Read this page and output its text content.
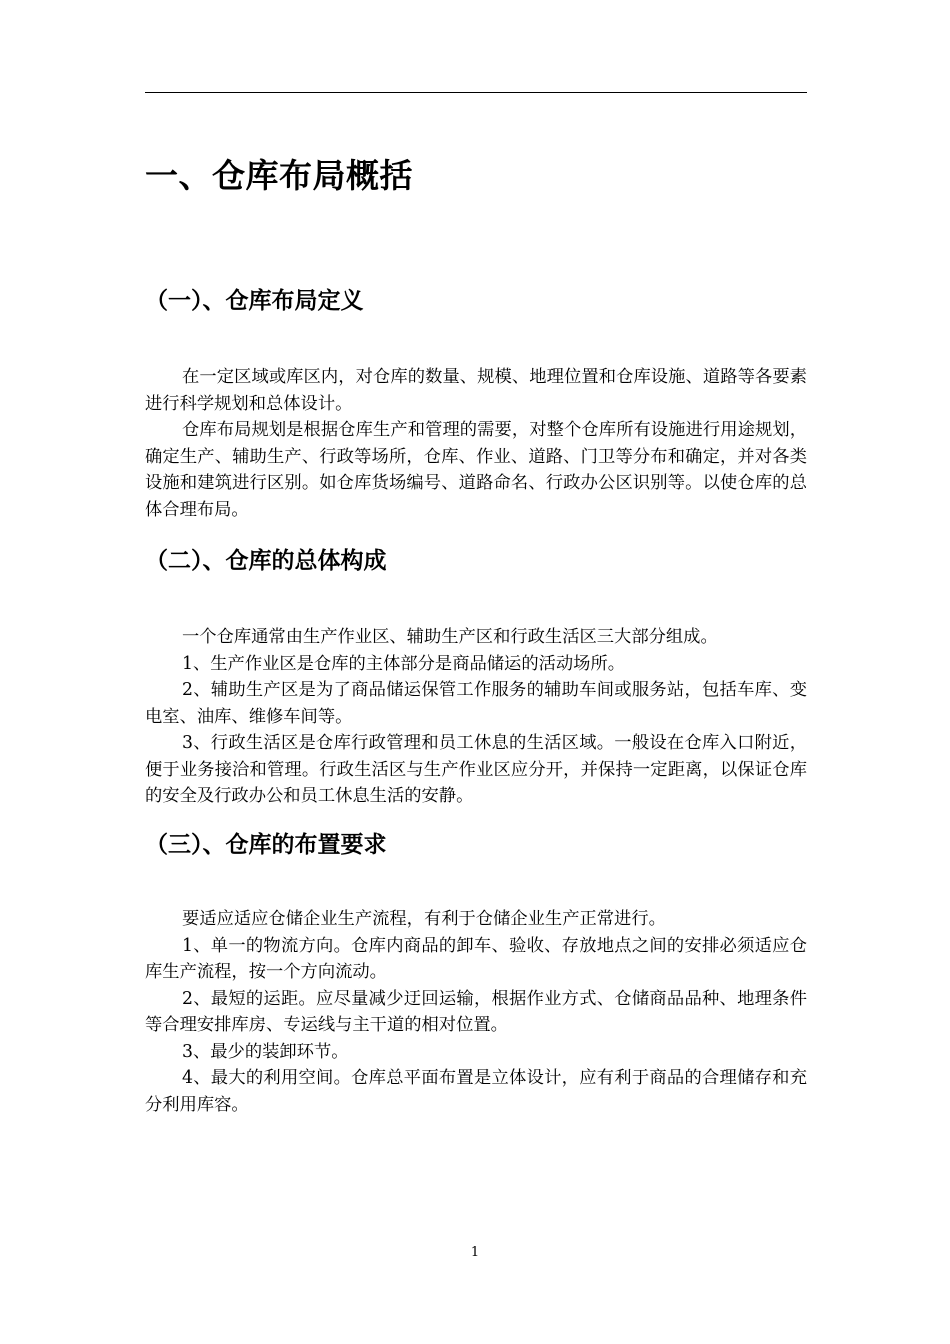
一、仓库布局概括
（一）、仓库布局定义

在一定区域或库区内，对仓库的数量、规模、地理位置和仓库设施、道路等各要素进行科学规划和总体设计。

仓库布局规划是根据仓库生产和管理的需要，对整个仓库所有设施进行用途规划，确定生产、辅助生产、行政等场所，仓库、作业、道路、门卫等分布和确定，并对各类设施和建筑进行区别。如仓库货场编号、道路命名、行政办公区识别等。以使仓库的总体合理布局。

（二）、仓库的总体构成

一个仓库通常由生产作业区、辅助生产区和行政生活区三大部分组成。

1、生产作业区是仓库的主体部分是商品储运的活动场所。

2、辅助生产区是为了商品储运保管工作服务的辅助车间或服务站，包括车库、变电室、油库、维修车间等。

3、行政生活区是仓库行政管理和员工休息的生活区域。一般设在仓库入口附近，便于业务接洽和管理。行政生活区与生产作业区应分开，并保持一定距离，以保证仓库的安全及行政办公和员工休息生活的安静。

（三）、仓库的布置要求

要适应适应仓储企业生产流程，有利于仓储企业生产正常进行。

1、单一的物流方向。仓库内商品的卸车、验收、存放地点之间的安排必须适应仓库生产流程，按一个方向流动。

2、最短的运距。应尽量减少迂回运输，根据作业方式、仓储商品品种、地理条件等合理安排库房、专运线与主干道的相对位置。

3、最少的装卸环节。

4、最大的利用空间。仓库总平面布置是立体设计，应有利于商品的合理储存和充分利用库容。

1
